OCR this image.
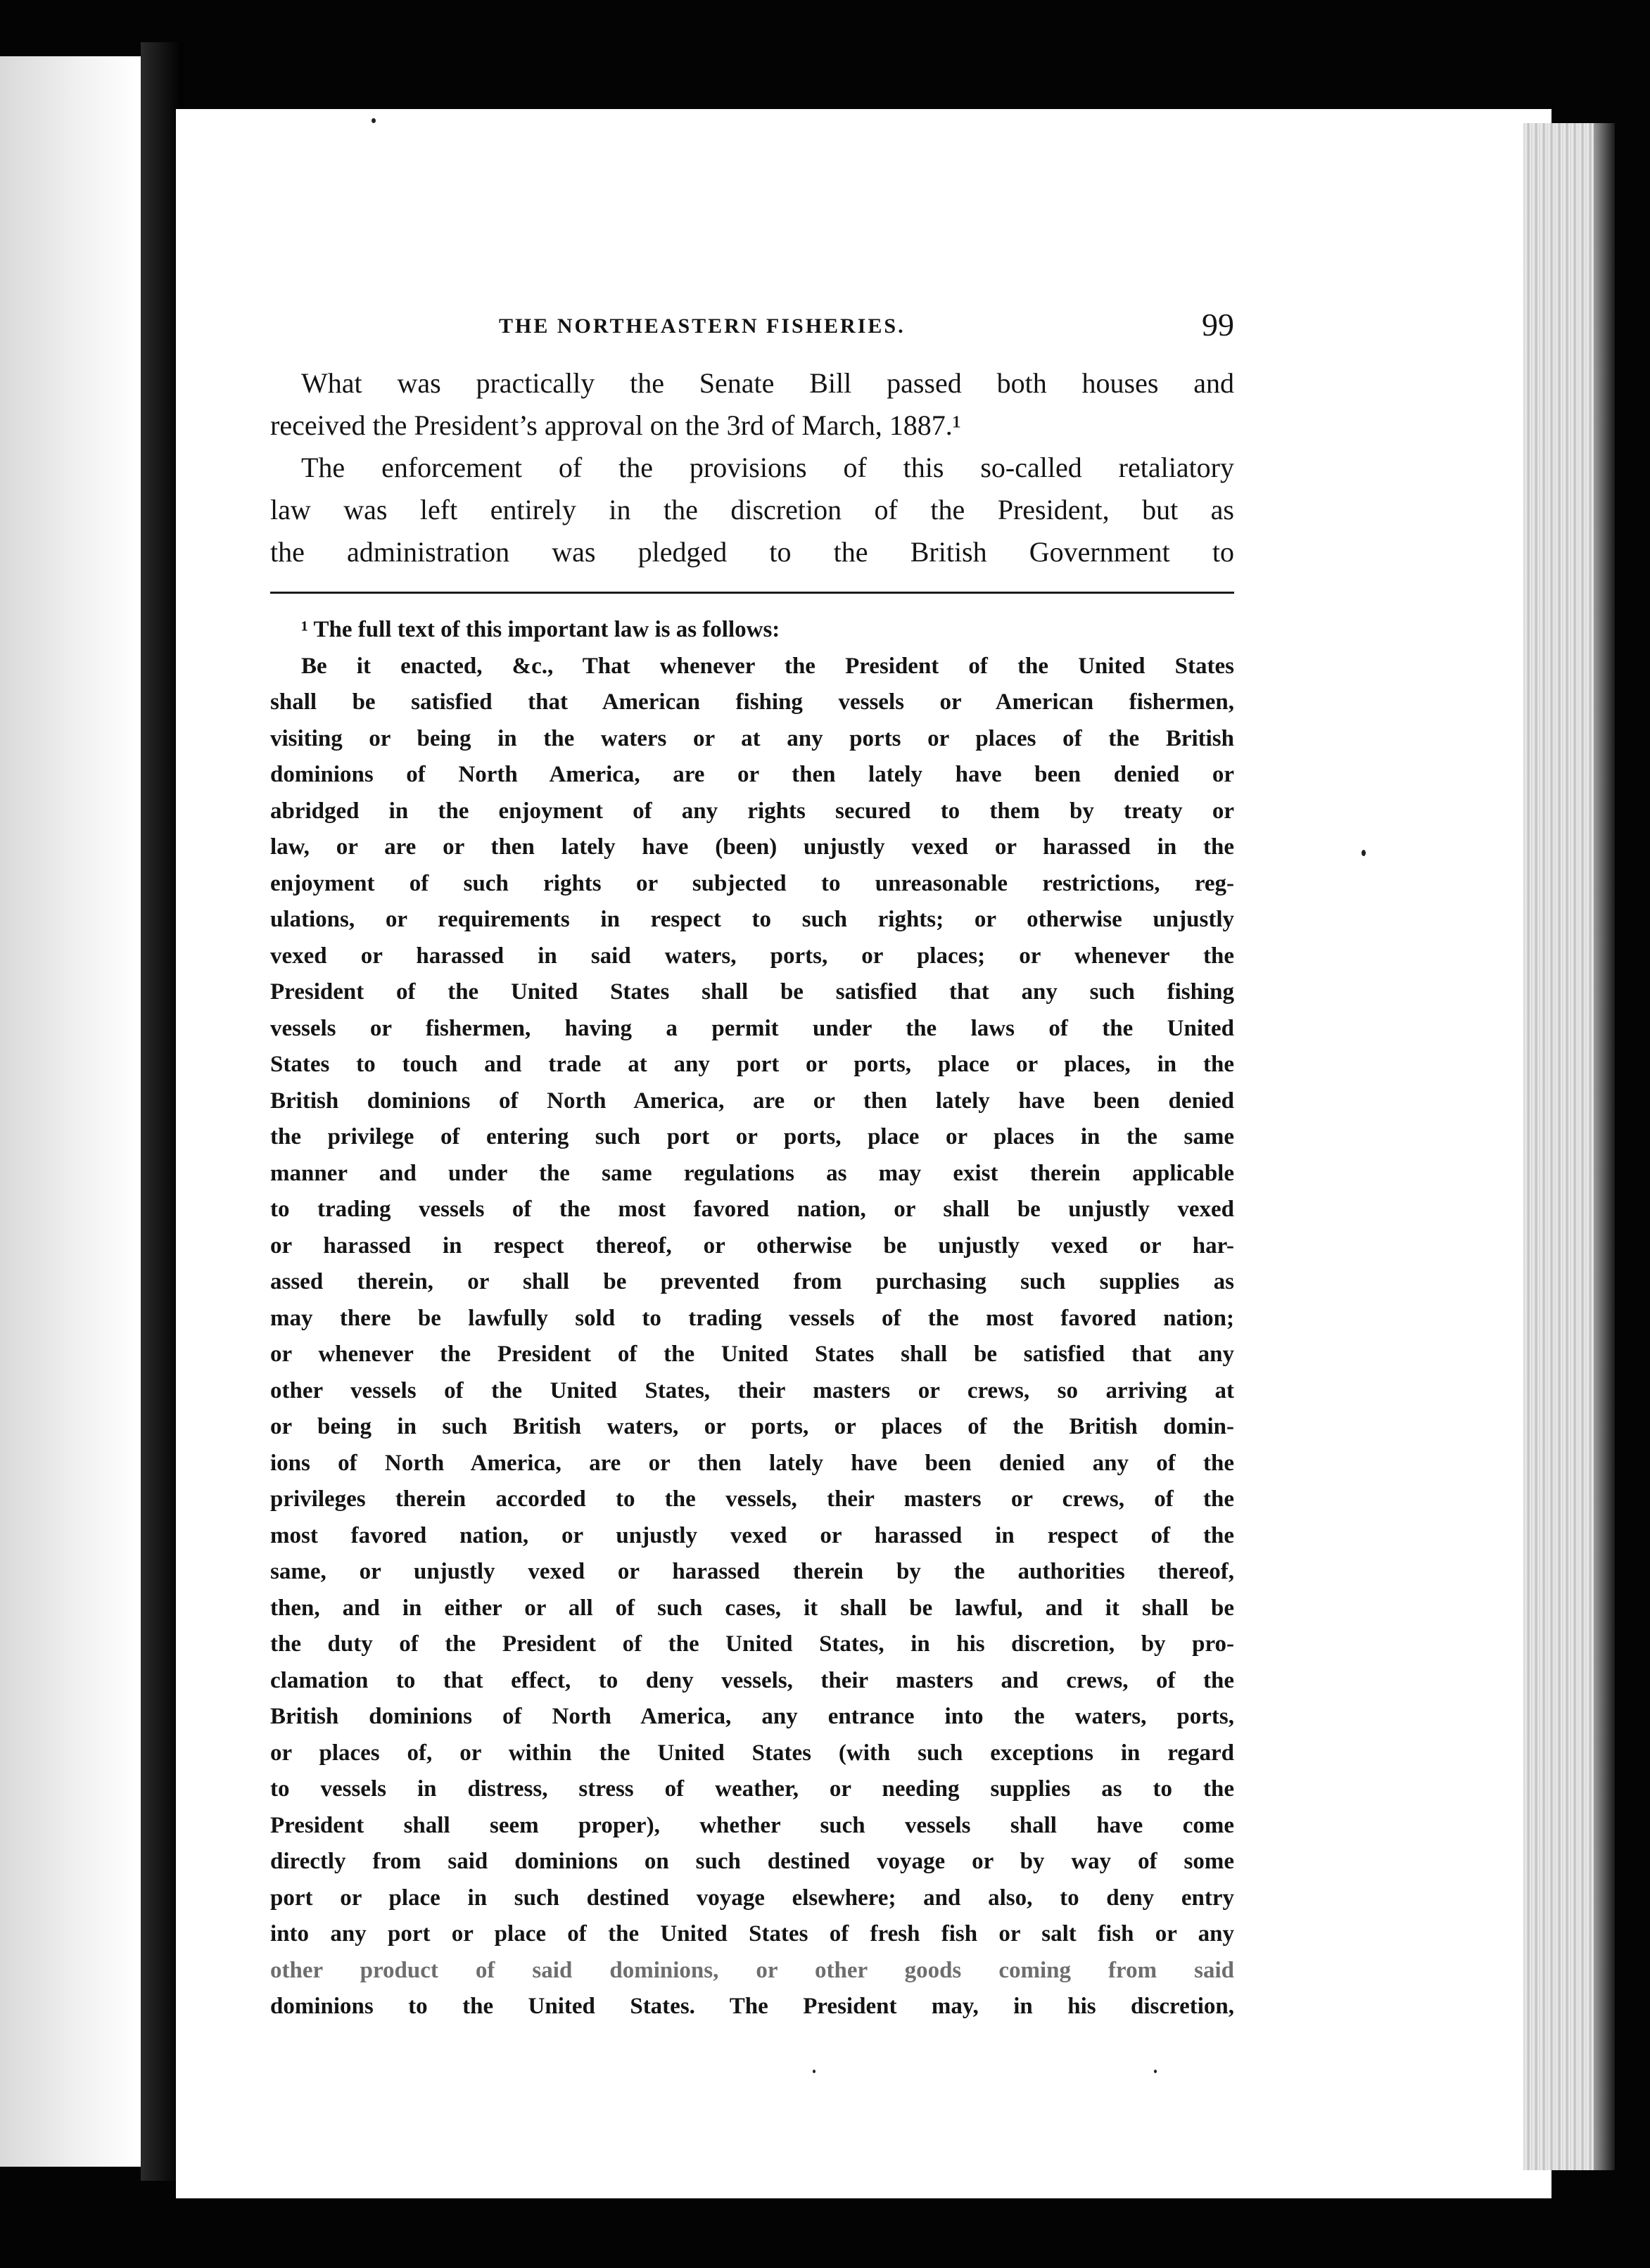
THE NORTHEASTERN FISHERIES.	99
What was practically the Senate Bill passed both houses and
received the President’s approval on the 3rd of March, 1887.¹
The enforcement of the provisions of this so-called retaliatory
law was left entirely in the discretion of the President, but as
the administration was pledged to the British Government to
¹ The full text of this important law is as follows:
Be it enacted, &c., That whenever the President of the United States
shall be satisfied that American fishing vessels or American fishermen,
visiting or being in the waters or at any ports or places of the British
dominions of North America, are or then lately have been denied or
abridged in the enjoyment of any rights secured to them by treaty or
law, or are or then lately have (been) unjustly vexed or harassed in the
enjoyment of such rights or subjected to unreasonable restrictions, reg-
ulations, or requirements in respect to such rights; or otherwise unjustly
vexed or harassed in said waters, ports, or places; or whenever the
President of the United States shall be satisfied that any such fishing
vessels or fishermen, having a permit under the laws of the United
States to touch and trade at any port or ports, place or places, in the
British dominions of North America, are or then lately have been denied
the privilege of entering such port or ports, place or places in the same
manner and under the same regulations as may exist therein applicable
to trading vessels of the most favored nation, or shall be unjustly vexed
or harassed in respect thereof, or otherwise be unjustly vexed or har-
assed therein, or shall be prevented from purchasing such supplies as
may there be lawfully sold to trading vessels of the most favored nation;
or whenever the President of the United States shall be satisfied that any
other vessels of the United States, their masters or crews, so arriving at
or being in such British waters, or ports, or places of the British domin-
ions of North America, are or then lately have been denied any of the
privileges therein accorded to the vessels, their masters or crews, of the
most favored nation, or unjustly vexed or harassed in respect of the
same, or unjustly vexed or harassed therein by the authorities thereof,
then, and in either or all of such cases, it shall be lawful, and it shall be
the duty of the President of the United States, in his discretion, by pro-
clamation to that effect, to deny vessels, their masters and crews, of the
British dominions of North America, any entrance into the waters, ports,
or places of, or within the United States (with such exceptions in regard
to vessels in distress, stress of weather, or needing supplies as to the
President shall seem proper), whether such vessels shall have come
directly from said dominions on such destined voyage or by way of some
port or place in such destined voyage elsewhere; and also, to deny entry
into any port or place of the United States of fresh fish or salt fish or any
other product of said dominions, or other goods coming from said
dominions to the United States. The President may, in his discretion,
